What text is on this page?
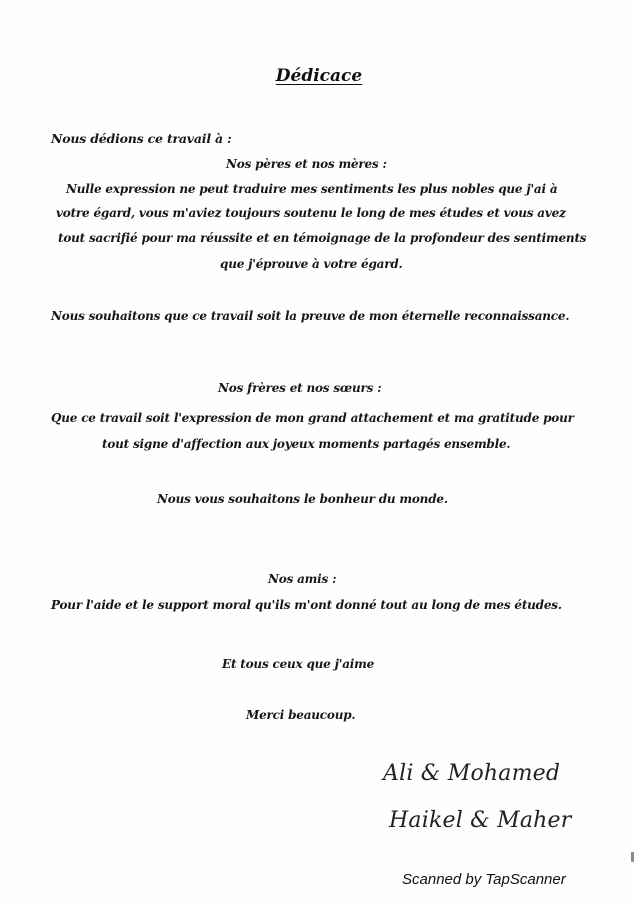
Dédicace
Nous dédions ce travail à :
Nos pères et nos mères :
Nulle expression ne peut traduire mes sentiments les plus nobles que j'ai à
votre égard, vous m'aviez toujours soutenu le long de mes études et vous avez
tout sacrifié pour ma réussite et en témoignage de la profondeur des sentiments
que j'éprouve à votre égard.
Nous souhaitons que ce travail soit la preuve de mon éternelle reconnaissance.
Nos frères et nos sœurs :
Que ce travail soit l'expression de mon grand attachement et ma gratitude pour
tout signe d'affection aux joyeux moments partagés ensemble.
Nous vous souhaitons le bonheur du monde.
Nos amis :
Pour l'aide et le support moral qu'ils m'ont donné tout au long de mes études.
Et tous ceux que j'aime
Merci beaucoup.
Ali & Mohamed
Haikel & Maher
Scanned by TapScanner
